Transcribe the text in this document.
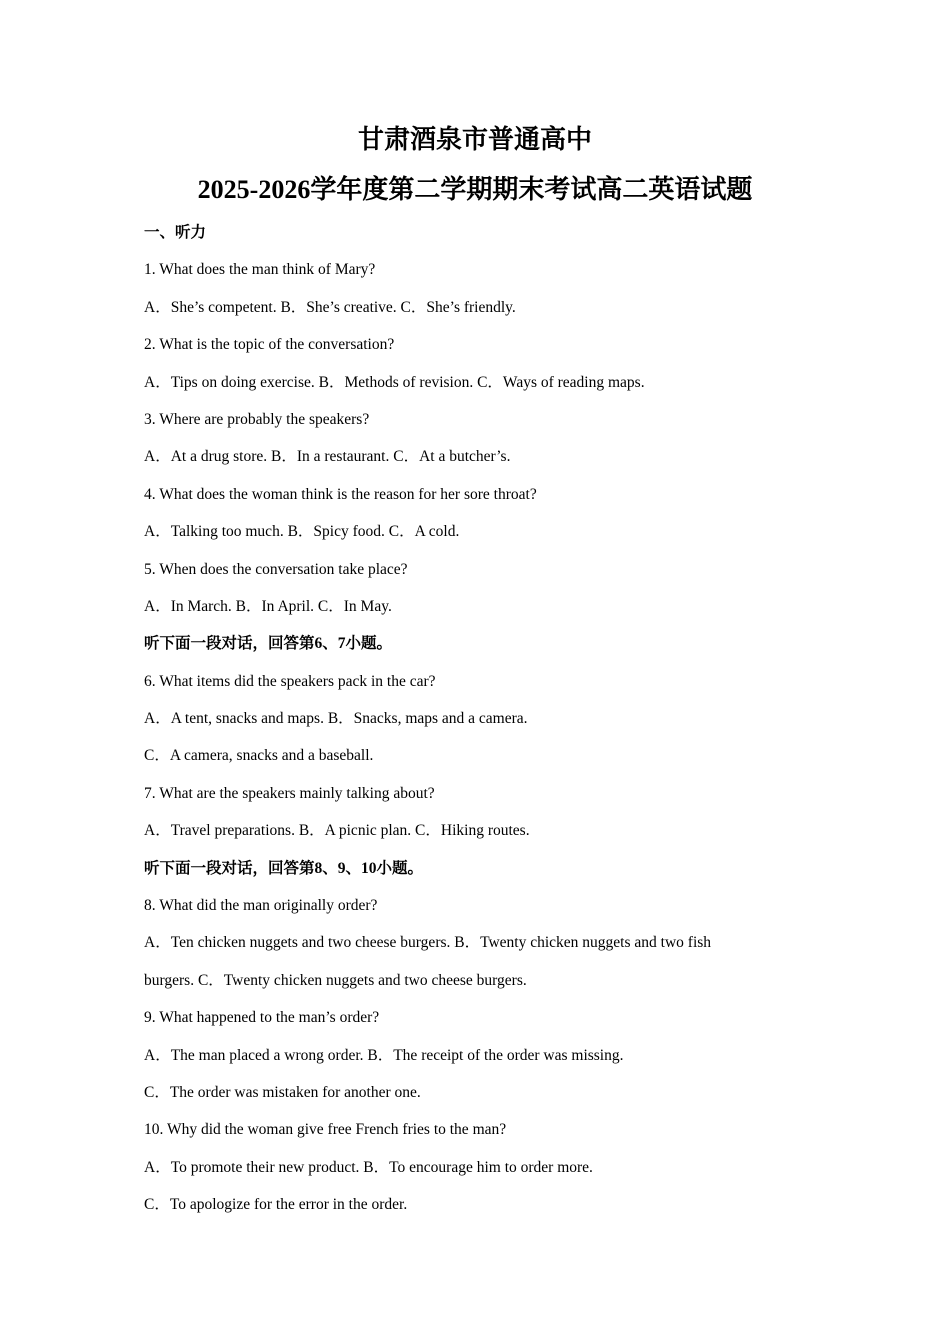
甘肃酒泉市普通高中
2025-2026学年度第二学期期末考试高二英语试题
一、听力
1. What does the man think of Mary?
A．She’s competent. B．She’s creative. C．She’s friendly.
2. What is the topic of the conversation?
A．Tips on doing exercise. B．Methods of revision. C．Ways of reading maps.
3. Where are probably the speakers?
A．At a drug store. B．In a restaurant. C．At a butcher’s.
4. What does the woman think is the reason for her sore throat?
A．Talking too much. B．Spicy food. C．A cold.
5. When does the conversation take place?
A．In March. B．In April. C．In May.
听下面一段对话，回答第6、7小题。
6. What items did the speakers pack in the car?
A．A tent, snacks and maps. B．Snacks, maps and a camera.
C．A camera, snacks and a baseball.
7. What are the speakers mainly talking about?
A．Travel preparations. B．A picnic plan. C．Hiking routes.
听下面一段对话，回答第8、9、10小题。
8. What did the man originally order?
A．Ten chicken nuggets and two cheese burgers. B．Twenty chicken nuggets and two fish
burgers. C．Twenty chicken nuggets and two cheese burgers.
9. What happened to the man’s order?
A．The man placed a wrong order. B．The receipt of the order was missing.
C．The order was mistaken for another one.
10. Why did the woman give free French fries to the man?
A．To promote their new product. B．To encourage him to order more.
C．To apologize for the error in the order.
